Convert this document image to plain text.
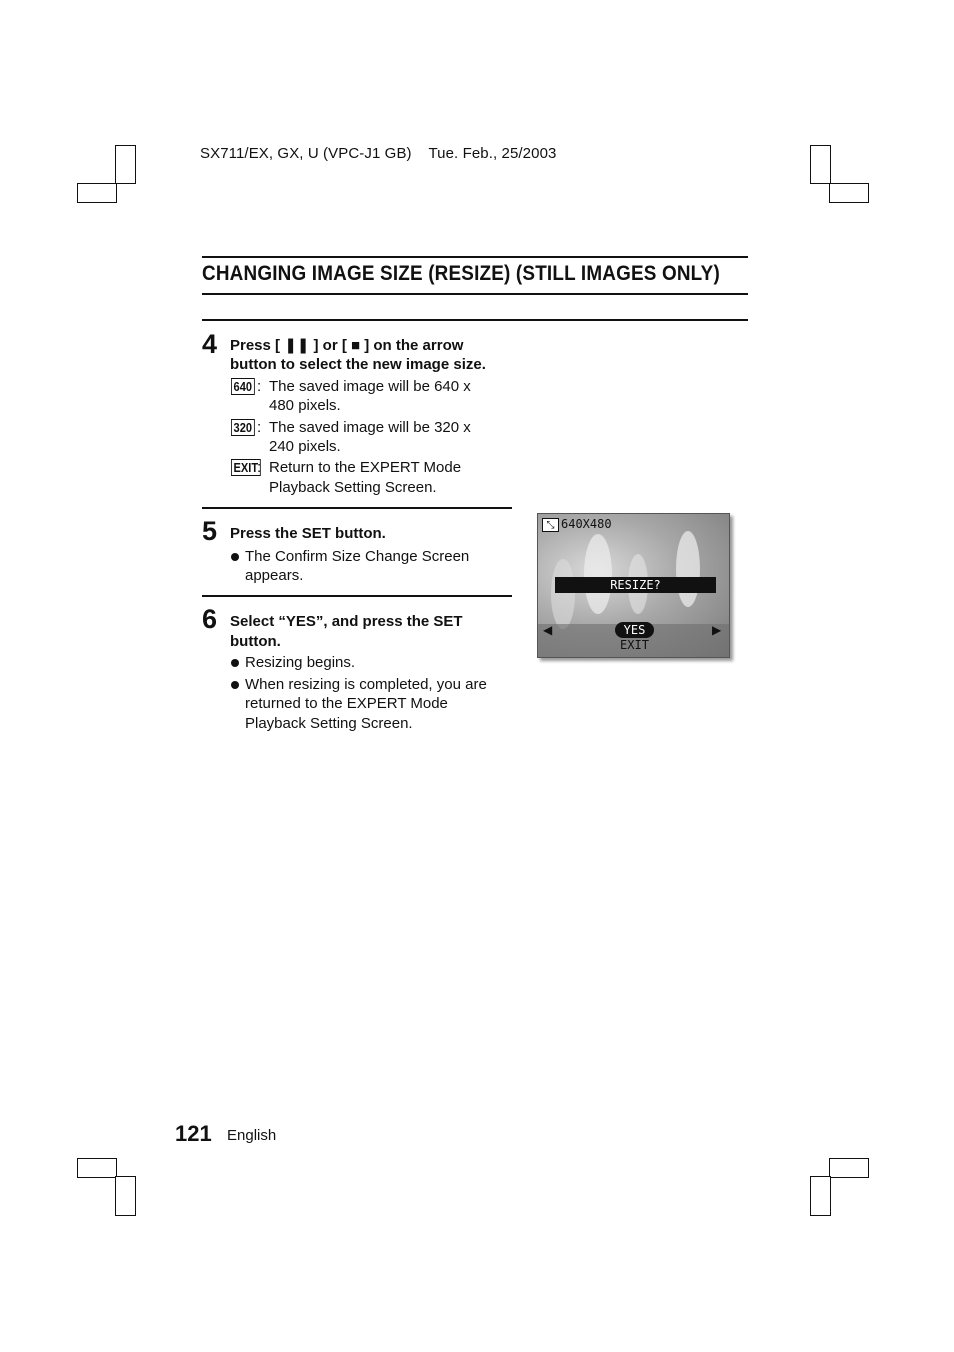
SX711/EX, GX, U (VPC-J1 GB)    Tue. Feb., 25/2003
CHANGING IMAGE SIZE (RESIZE) (STILL IMAGES ONLY)
4 Press [ ❚❚ ] or [ ■ ] on the arrow
button to select the new image size.
640 : The saved image will be 640 x
480 pixels.
320 : The saved image will be 320 x
240 pixels.
EXIT
: Return to the EXPERT Mode
Playback Setting Screen.
5 Press the SET button.
The Confirm Size Change Screen
appears.
6 Select “YES”, and press the SET
button.
Resizing begins.
When resizing is completed, you are
returned to the EXPERT Mode
Playback Setting Screen.
⤡ 640X480
RESIZE?
◀	▶
YES
EXIT
121 English
